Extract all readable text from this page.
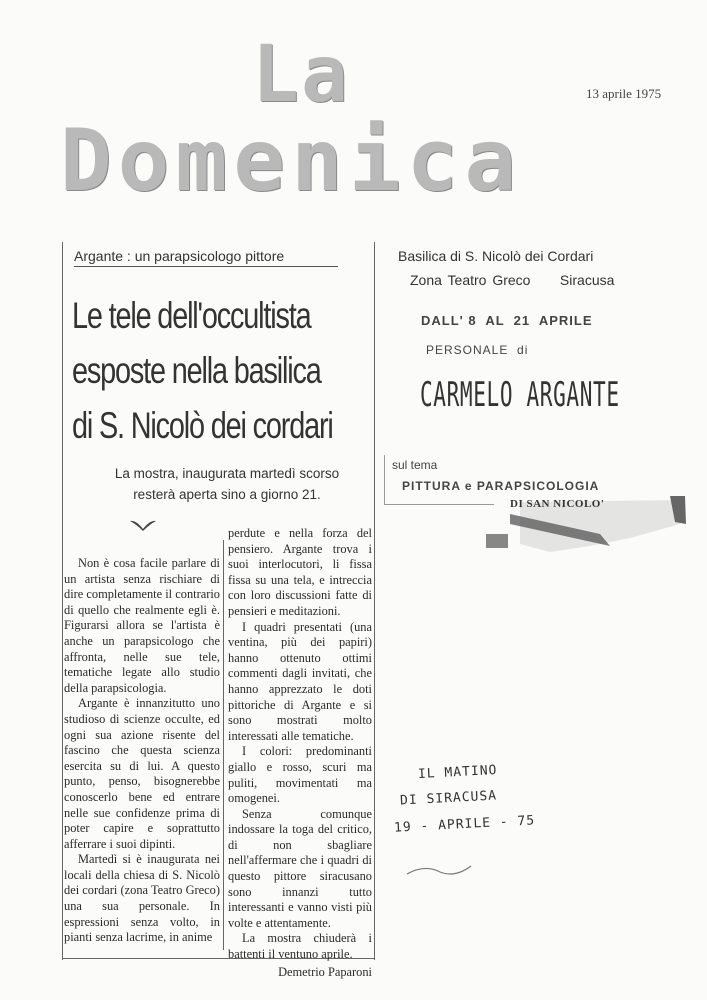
La
Domenica
13 aprile 1975
Argante : un parapsicologo pittore
Le tele dell'occultista
esposte nella basilica
di S. Nicolò dei cordari
La mostra, inaugurata martedì scorso
resterà aperta sino a giorno 21.

Non è cosa facile parlare di un artista senza rischiare di dire completamente il contrario di quello che realmente egli è. Figurarsi allora se l'artista è anche un parapsicologo che affronta, nelle sue tele, tematiche legate allo studio della parapsicologia.

Argante è innanzitutto uno studioso di scienze occulte, ed ogni sua azione risente del fascino che questa scienza esercita su di lui. A questo punto, penso, bisognerebbe conoscerlo bene ed entrare nelle sue confidenze prima di poter capire e soprattutto afferrare i suoi dipinti.

Martedì si è inaugurata nei locali della chiesa di S. Nicolò dei cordari (zona Teatro Greco) una sua personale. In espressioni senza volto, in pianti senza lacrime, in anime

perdute e nella forza del pensiero. Argante trova i suoi interlocutori, li fissa fissa su una tela, e intreccia con loro discussioni fatte di pensieri e meditazioni.

I quadri presentati (una ventina, più dei papiri) hanno ottenuto ottimi commenti dagli invitati, che hanno apprezzato le doti pittoriche di Argante e si sono mostrati molto interessati alle tematiche.

I colori: predominanti giallo e rosso, scuri ma puliti, movimentati ma omogenei.

Senza comunque indossare la toga del critico, di non sbagliare nell'affermare che i quadri di questo pittore siracusano sono innanzi tutto interessanti e vanno visti più volte e attentamente.

La mostra chiuderà i battenti il ventuno aprile.

Demetrio Paparoni

Basilica di S. Nicolò dei Cordari
Zona Teatro Greco     Siracusa
DALL' 8  AL  21  APRILE
PERSONALE  di
CARMELO ARGANTE
sul tema
PITTURA e PARAPSICOLOGIA
DI SAN NICOLO'
IL MATINO
DI SIRACUSA
19 - APRILE - 75
